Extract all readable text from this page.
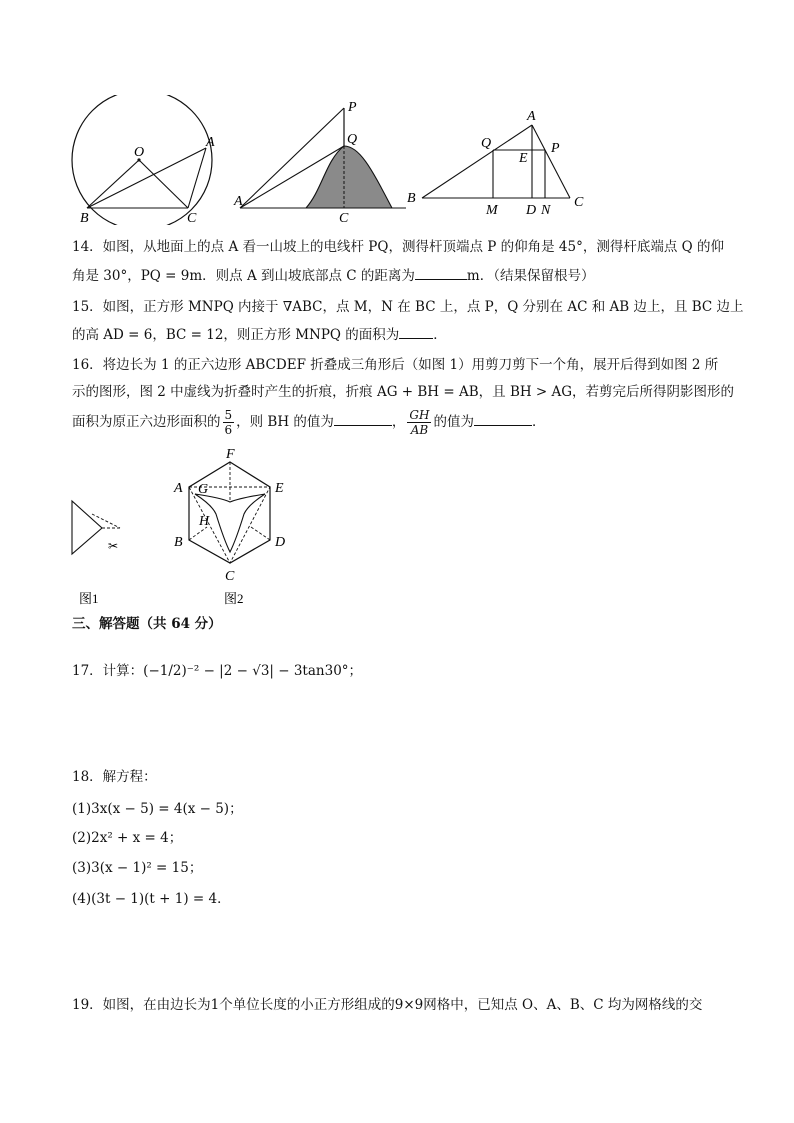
O
A
B	C
P
Q
A
C
A
Q	P
E
B
M D N
C
14．如图，从地面上的点 A 看一山坡上的电线杆 PQ，测得杆顶端点 P 的仰角是 45°，测得杆底端点 Q 的仰
角是 30°，PQ = 9m．则点 A 到山坡底部点 C 的距离为	m．（结果保留根号）
15．如图，正方形 MNPQ 内接于 ∇ABC，点 M，N 在 BC 上，点 P，Q 分别在 AC 和 AB 边上，且 BC 边上
的高 AD = 6，BC = 12，则正方形 MNPQ 的面积为	．
16．将边长为 1 的正六边形 ABCDEF 折叠成三角形后（如图 1）用剪刀剪下一个角，展开后得到如图 2 所
示的图形，图 2 中虚线为折叠时产生的折痕，折痕 AG + BH = AB，且 BH > AG，若剪完后所得阴影图形的
面积为原正六边形面积的 $\frac{5}{6}$ ，则 BH 的值为	， $\frac{GH}{AB}$ 的值为	．
✂
F
A G	E
H
B	D
C
图1	图2
三、解答题（共 64 分）
17．计算：(−1/2)⁻² − |2 − √3| − 3tan30°；
18．解方程：
(1)3x(x − 5) = 4(x − 5)；
(2)2x² + x = 4；
(3)3(x − 1)² = 15；
(4)(3t − 1)(t + 1) = 4．
19．如图，在由边长为1个单位长度的小正方形组成的9×9网格中，已知点 O、A、B、C 均为网格线的交
